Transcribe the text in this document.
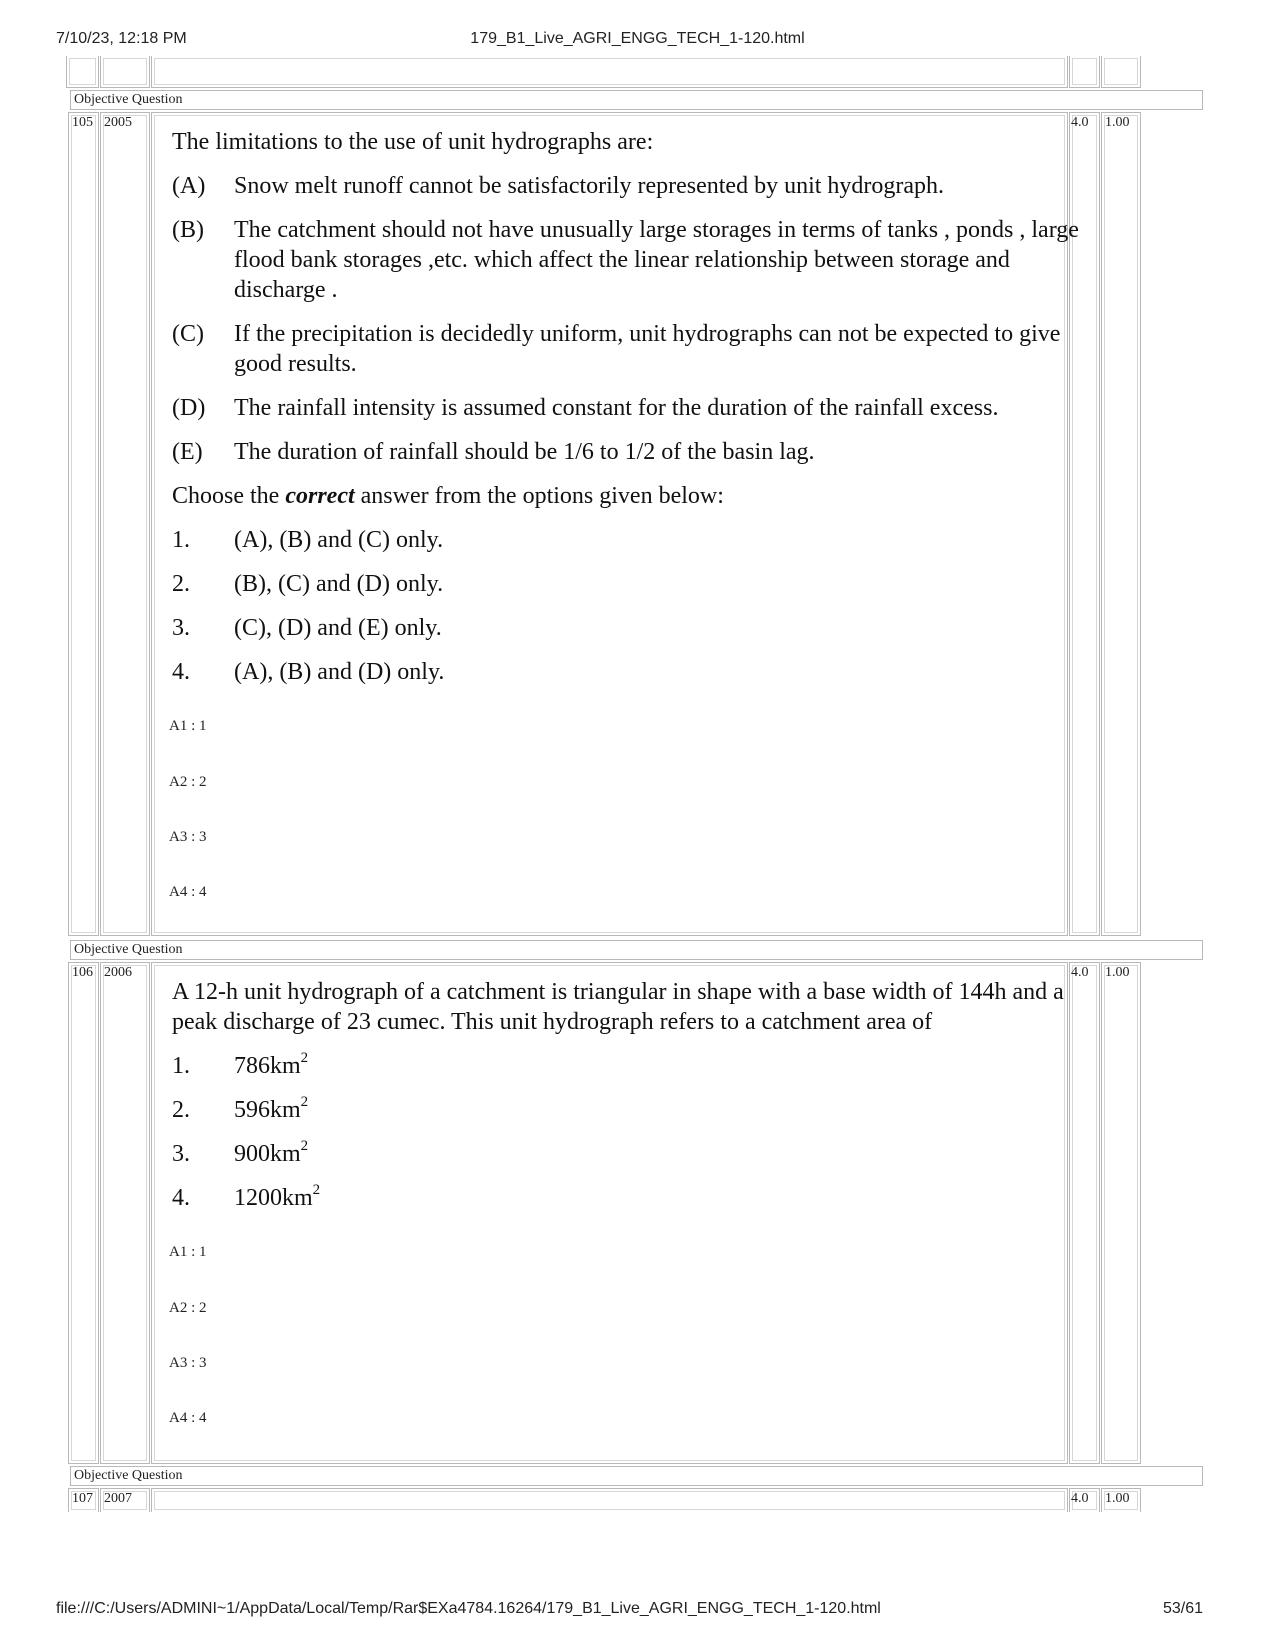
7/10/23, 12:18 PM	179_B1_Live_AGRI_ENGG_TECH_1-120.html
Objective Question
105 2005	4.0 1.00
The limitations to the use of unit hydrographs are:
(A)	Snow melt runoff cannot be satisfactorily represented by unit hydrograph.
(B)	The catchment should not have unusually large storages in terms of tanks , ponds , large flood bank storages ,etc. which affect the linear relationship between storage and discharge .
(C)	If the precipitation is decidedly uniform, unit hydrographs can not be expected to give good results.
(D)	The rainfall intensity is assumed constant for the duration of the rainfall excess.
(E)	The duration of rainfall should be 1/6 to 1/2 of the basin lag.
Choose the correct answer from the options given below:
1.	(A), (B) and (C) only.
2.	(B), (C) and (D) only.
3.	(C), (D) and (E) only.
4.	(A), (B) and (D) only.
A1 : 1
A2 : 2
A3 : 3
A4 : 4
Objective Question
106 2006	4.0 1.00
A 12-h unit hydrograph of a catchment is triangular in shape with a base width of 144h and a peak discharge of 23 cumec. This unit hydrograph refers to a catchment area of
1.	$786km^2$
2.	$596km^2$
3.	$900km^2$
4.	$1200km^2$
A1 : 1
A2 : 2
A3 : 3
A4 : 4
Objective Question
107 2007	4.0 1.00
file:///C:/Users/ADMINI~1/AppData/Local/Temp/Rar$EXa4784.16264/179_B1_Live_AGRI_ENGG_TECH_1-120.html	53/61
